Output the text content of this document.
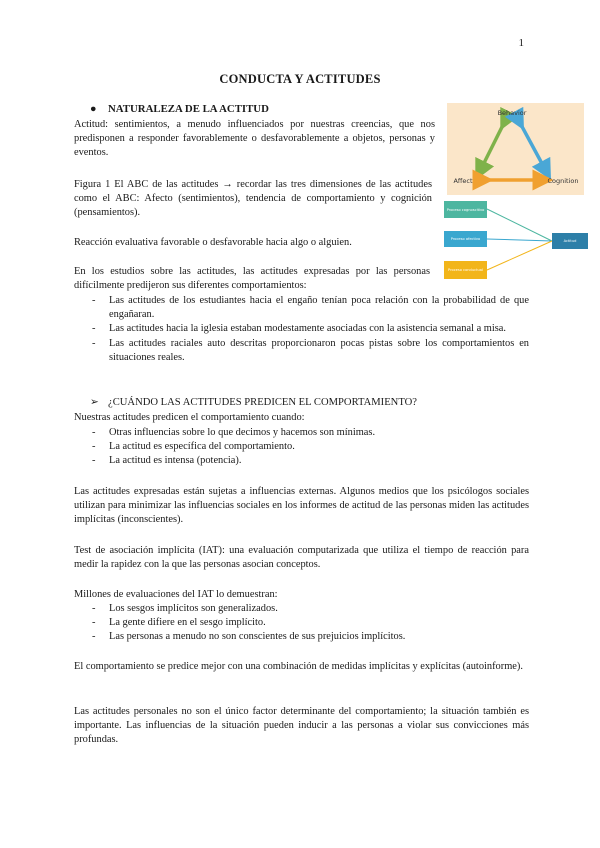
1
CONDUCTA Y ACTITUDES
● NATURALEZA DE LA ACTITUD
Actitud: sentimientos, a menudo influenciados por nuestras creencias, que nos predisponen a responder favorablemente o desfavorablemente a objetos, personas y eventos.
Figura 1 El ABC de las actitudes → recordar las tres dimensiones de las actitudes como el ABC: Afecto (sentimientos), tendencia de comportamiento y cognición (pensamientos).
Reacción evaluativa favorable o desfavorable hacia algo o alguien.
En los estudios sobre las actitudes, las actitudes expresadas por las personas difícilmente predijeron sus diferentes comportamientos:
- Las actitudes de los estudiantes hacia el engaño tenían poca relación con la probabilidad de que engañaran.
- Las actitudes hacia la iglesia estaban modestamente asociadas con la asistencia semanal a misa.
- Las actitudes raciales auto descritas proporcionaron pocas pistas sobre los comportamientos en situaciones reales.
➢ ¿CUÁNDO LAS ACTITUDES PREDICEN EL COMPORTAMIENTO?
Nuestras actitudes predicen el comportamiento cuando:
- Otras influencias sobre lo que decimos y hacemos son mínimas.
- La actitud es específica del comportamiento.
- La actitud es intensa (potencia).
Las actitudes expresadas están sujetas a influencias externas. Algunos medios que los psicólogos sociales utilizan para minimizar las influencias sociales en los informes de actitud de las personas miden las actitudes implícitas (inconscientes).
Test de asociación implícita (IAT): una evaluación computarizada que utiliza el tiempo de reacción para medir la rapidez con la que las personas asocian conceptos.
Millones de evaluaciones del IAT lo demuestran:
- Los sesgos implícitos son generalizados.
- La gente difiere en el sesgo implícito.
- Las personas a menudo no son conscientes de sus prejuicios implícitos.
El comportamiento se predice mejor con una combinación de medidas implícitas y explícitas (autoinforme).
Las actitudes personales no son el único factor determinante del comportamiento; la situación también es importante. Las influencias de la situación pueden inducir a las personas a violar sus convicciones más profundas.
Behavior
Affect	Cognition
Proceso cognoscitivo
Proceso afectivo
Proceso conductual
Actitud
